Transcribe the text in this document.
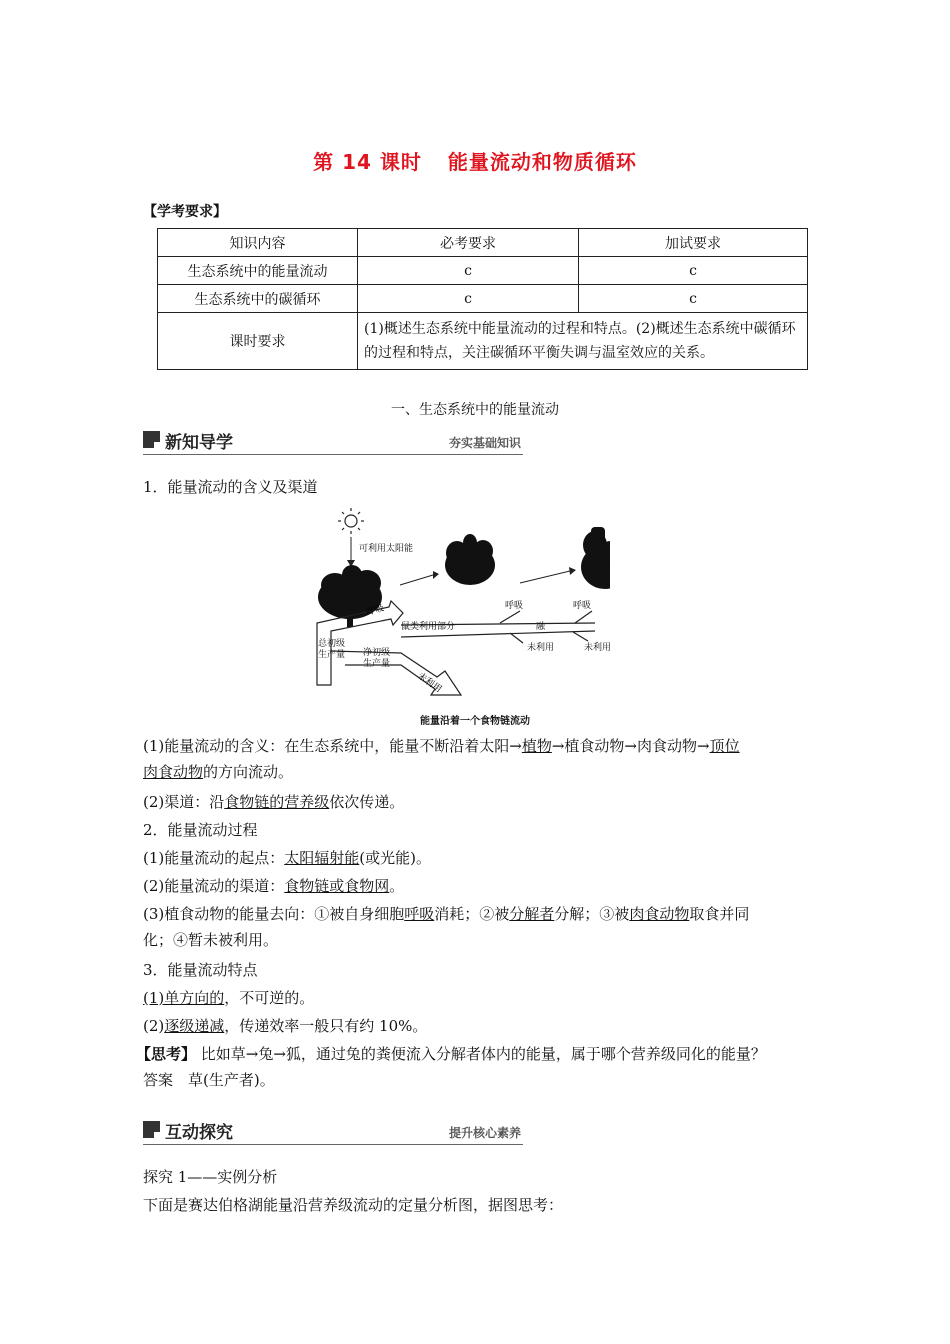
第 14 课时 能量流动和物质循环
【学考要求】
知识内容	必考要求	加试要求
生态系统中的能量流动	c	c
生态系统中的碳循环	c	c
课时要求	(1)概述生态系统中能量流动的过程和特点。(2)概述生态系统中碳循环的过程和特点，关注碳循环平衡失调与温室效应的关系。	
一、生态系统中的能量流动
新知导学	夯实基础知识
1．能量流动的含义及渠道
呼吸
鼠类利用部分
未利用
可利用太阳能
呼吸	呼吸
融
未利用	未利用
总初级
生产量 净初级
生产量
能量沿着一个食物链流动
(1)能量流动的含义：在生态系统中，能量不断沿着太阳→植物→植食动物→肉食动物→顶位
肉食动物的方向流动。
(2)渠道：沿食物链的营养级依次传递。
2．能量流动过程
(1)能量流动的起点：太阳辐射能(或光能)。
(2)能量流动的渠道：食物链或食物网。
(3)植食动物的能量去向：①被自身细胞呼吸消耗；②被分解者分解；③被肉食动物取食并同
化；④暂未被利用。
3．能量流动特点
(1)单方向的，不可逆的。
(2)逐级递减，传递效率一般只有约 10%。
【思考】 比如草→兔→狐，通过兔的粪便流入分解者体内的能量，属于哪个营养级同化的能量？
答案　 草(生产者)。
互动探究	提升核心素养
探究 1——实例分析
下面是赛达伯格湖能量沿营养级流动的定量分析图，据图思考：
